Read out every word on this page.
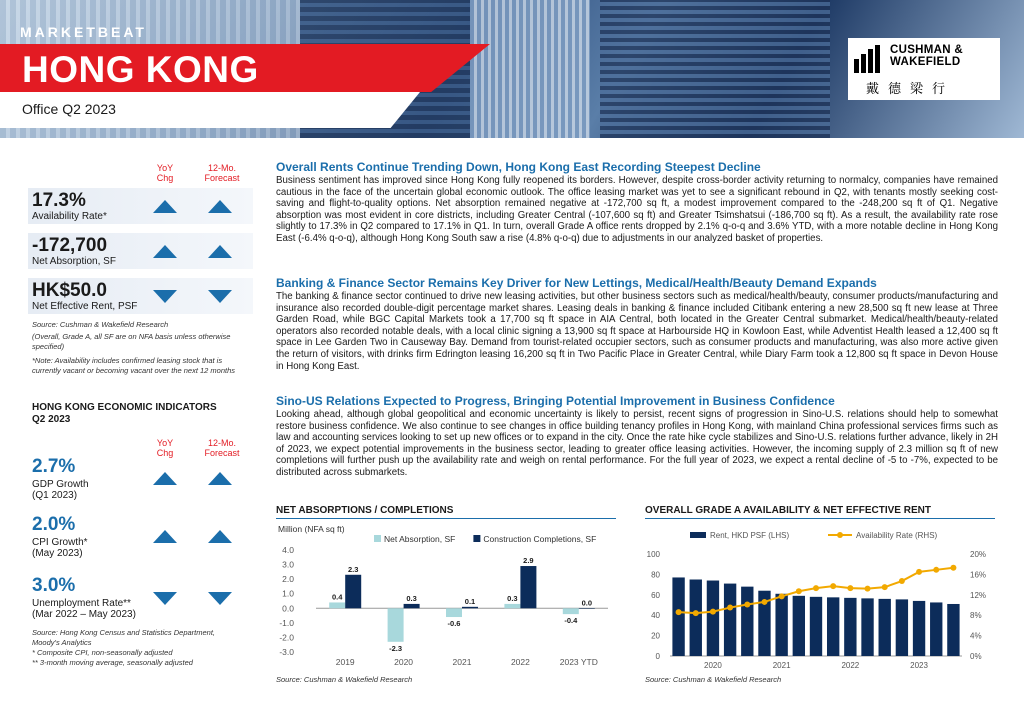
MARKETBEAT
HONG KONG
Office Q2 2023
CUSHMAN &
WAKEFIELD
戴德梁行
YoY
Chg
12-Mo.
Forecast
17.3%
Availability Rate*
-172,700
Net Absorption, SF
HK$50.0
Net Effective Rent, PSF
Source: Cushman & Wakefield Research
(Overall, Grade A, all SF are on NFA basis unless otherwise specified)
*Note: Availability includes confirmed leasing stock that is currently vacant or becoming vacant over the next 12 months
HONG KONG ECONOMIC INDICATORS
Q2 2023
YoY
Chg
12-Mo.
Forecast
2.7%
GDP Growth
(Q1 2023)
2.0%
CPI Growth*
(May 2023)
3.0%
Unemployment Rate**
(Mar 2022 – May 2023)
Source: Hong Kong Census and Statistics Department, Moody's Analytics
* Composite CPI, non-seasonally adjusted
** 3-month moving average, seasonally adjusted
Overall Rents Continue Trending Down, Hong Kong East Recording Steepest Decline

Business sentiment has improved since Hong Kong fully reopened its borders. However, despite cross-border activity returning to normalcy, companies have remained cautious in the face of the uncertain global economic outlook. The office leasing market was yet to see a significant rebound in Q2, with tenants mostly seeking cost-saving and flight-to-quality options. Net absorption remained negative at -172,700 sq ft, a modest improvement compared to the -248,200 sq ft of Q1. Negative absorption was most evident in core districts, including Greater Central (-107,600 sq ft) and Greater Tsimshatsui (-186,700 sq ft). As a result, the availability rate rose slightly to 17.3% in Q2 compared to 17.1% in Q1. In turn, overall Grade A office rents dropped by 2.1% q-o-q and 3.6% YTD, with a more notable decline in Hong Kong East (-6.4% q-o-q), although Hong Kong South saw a rise (4.8% q-o-q) due to adjustments in our analyzed basket of properties.

Banking & Finance Sector Remains Key Driver for New Lettings, Medical/Health/Beauty Demand Expands

The banking & finance sector continued to drive new leasing activities, but other business sectors such as medical/health/beauty, consumer products/manufacturing and insurance also recorded double-digit percentage market shares. Leasing deals in banking & finance included Citibank entering a new 28,500 sq ft new lease at Three Garden Road, while BGC Capital Markets took a 17,700 sq ft space in AIA Central, both located in the Greater Central submarket. Medical/health/beauty-related operators also recorded notable deals, with a local clinic signing a 13,900 sq ft space at Harbourside HQ in Kowloon East, while Adventist Health leased a 12,400 sq ft space in Lee Garden Two in Causeway Bay. Demand from tourist-related occupier sectors, such as consumer products and manufacturing, was also more active given the return of visitors, with drinks firm Edrington leasing 16,200 sq ft in Two Pacific Place in Greater Central, while Diary Farm took a 12,800 sq ft space in Devon House in Hong Kong East.

Sino-US Relations Expected to Progress, Bringing Potential Improvement in Business Confidence

Looking ahead, although global geopolitical and economic uncertainty is likely to persist, recent signs of progression in Sino-U.S. relations should help to somewhat restore business confidence. We also continue to see changes in office building tenancy profiles in Hong Kong, with mainland China professional services firms such as law and accounting services looking to set up new offices or to expand in the city. Once the rate hike cycle stabilizes and Sino-U.S. relations further advance, likely in 2H of 2023, we expect potential improvements in the business sector, leading to greater office leasing activities. However, the incoming supply of 2.3 million sq ft of new completions will further push up the availability rate and weigh on rental performance. For the full year of 2023, we expect a rental decline of -5 to -7%, expected to be distributed across submarkets.

NET ABSORPTIONS / COMPLETIONS
Million (NFA sq ft)
Net Absorption, SF	Construction Completions, SF
4.0
3.0
2.0
1.0
0.0
-1.0
-2.0
-3.0
0.4
2.3
2019
-2.3
0.3
2020
-0.6
0.1
2021
0.3
2.9
2022
-0.4
0.0
2023 YTD
Source: Cushman & Wakefield Research
OVERALL GRADE A AVAILABILITY & NET EFFECTIVE RENT
Rent, HKD PSF (LHS)	Availability Rate (RHS)
100
80
60
40
20
0
20%
16%
12%
8%
4%
0%
2020	2021	2022	2023
Source: Cushman & Wakefield Research
